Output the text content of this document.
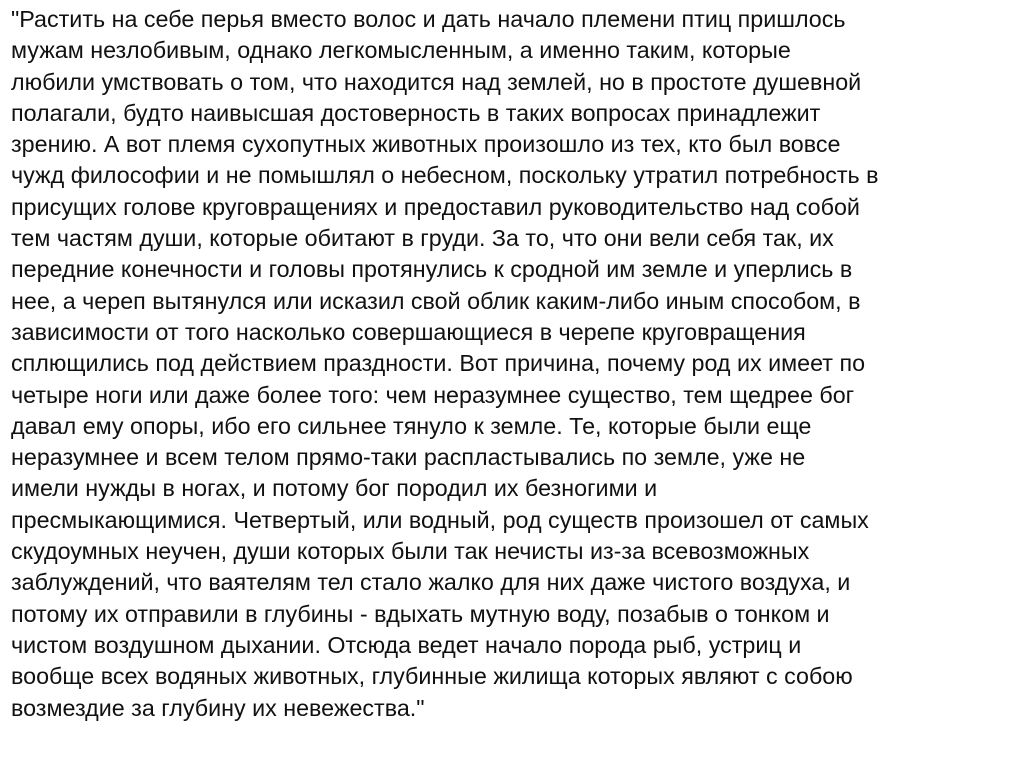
"Растить на себе перья вместо волос и дать начало племени птиц пришлось
мужам незлобивым, однако легкомысленным, а именно таким, которые
любили умствовать о том, что находится над землей, но в простоте душевной
полагали, будто наивысшая достоверность в таких вопросах принадлежит
зрению. А вот племя сухопутных животных произошло из тех, кто был вовсе
чужд философии и не помышлял о небесном, поскольку утратил потребность в
присущих голове круговращениях и предоставил руководительство над собой
тем частям души, которые обитают в груди. За то, что они вели себя так, их
передние конечности и головы протянулись к сродной им земле и уперлись в
нее, а череп вытянулся или исказил свой облик каким-либо иным способом, в
зависимости от того насколько совершающиеся в черепе круговращения
сплющились под действием праздности. Вот причина, почему род их имеет по
четыре ноги или даже более того: чем неразумнее существо, тем щедрее бог
давал ему опоры, ибо его сильнее тянуло к земле. Те, которые были еще
неразумнее и всем телом прямо-таки распластывались по земле, уже не
имели нужды в ногах, и потому бог породил их безногими и
пресмыкающимися. Четвертый, или водный, род существ произошел от самых
скудоумных неучен, души которых были так нечисты из-за всевозможных
заблуждений, что ваятелям тел стало жалко для них даже чистого воздуха, и
потому их отправили в глубины - вдыхать мутную воду, позабыв о тонком и
чистом воздушном дыхании. Отсюда ведет начало порода рыб, устриц и
вообще всех водяных животных, глубинные жилища которых являют с собою
возмездие за глубину их невежества."
